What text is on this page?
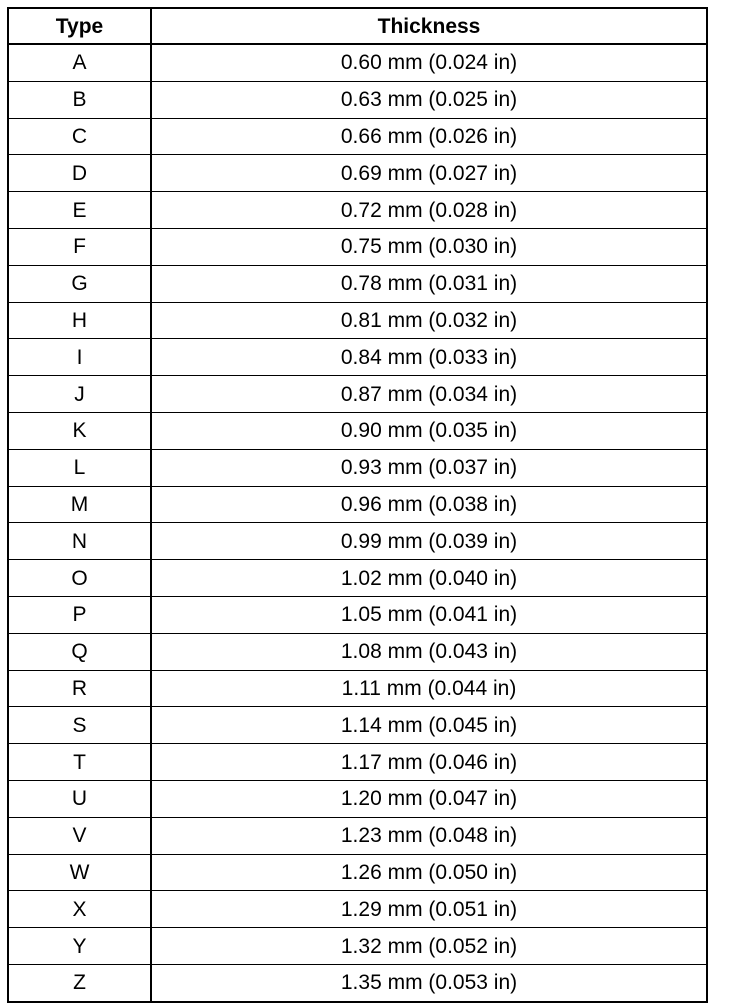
Type	Thickness
A	0.60 mm (0.024 in)
B	0.63 mm (0.025 in)
C	0.66 mm (0.026 in)
D	0.69 mm (0.027 in)
E	0.72 mm (0.028 in)
F	0.75 mm (0.030 in)
G	0.78 mm (0.031 in)
H	0.81 mm (0.032 in)
I	0.84 mm (0.033 in)
J	0.87 mm (0.034 in)
K	0.90 mm (0.035 in)
L	0.93 mm (0.037 in)
M	0.96 mm (0.038 in)
N	0.99 mm (0.039 in)
O	1.02 mm (0.040 in)
P	1.05 mm (0.041 in)
Q	1.08 mm (0.043 in)
R	1.11 mm (0.044 in)
S	1.14 mm (0.045 in)
T	1.17 mm (0.046 in)
U	1.20 mm (0.047 in)
V	1.23 mm (0.048 in)
W	1.26 mm (0.050 in)
X	1.29 mm (0.051 in)
Y	1.32 mm (0.052 in)
Z	1.35 mm (0.053 in)
